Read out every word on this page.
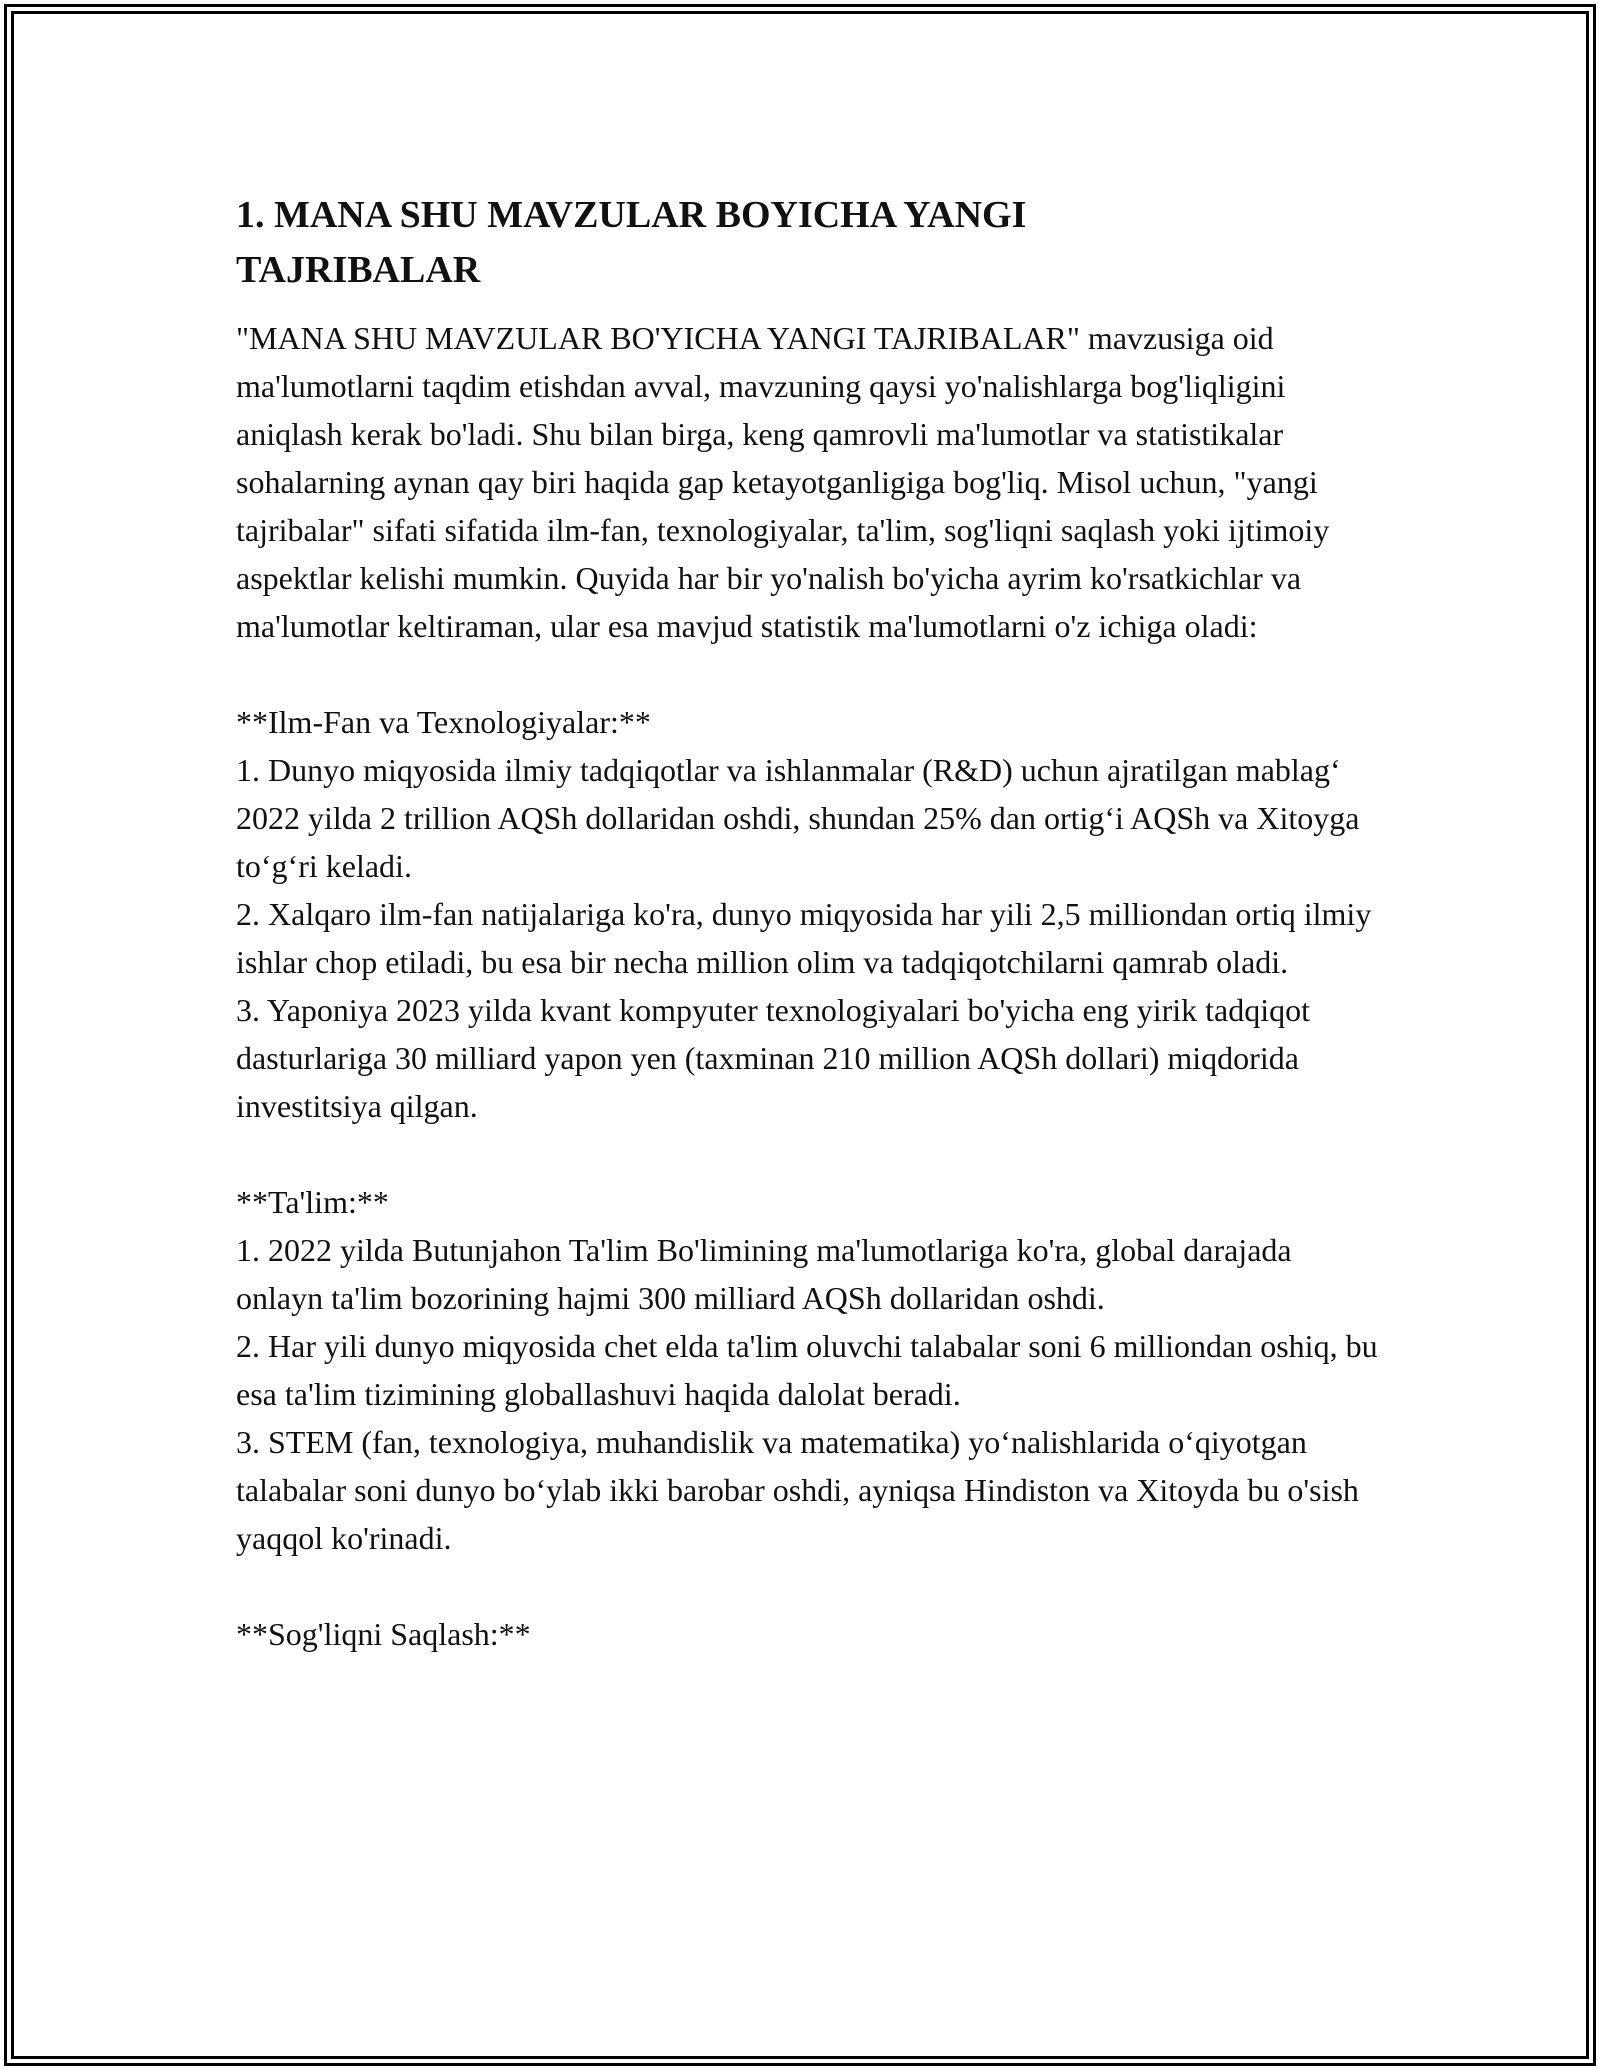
1. MANA SHU MAVZULAR BOYICHA YANGI TAJRIBALAR

"MANA SHU MAVZULAR BO'YICHA YANGI TAJRIBALAR" mavzusiga oid ma'lumotlarni taqdim etishdan avval, mavzuning qaysi yo'nalishlarga bog'liqligini aniqlash kerak bo'ladi. Shu bilan birga, keng qamrovli ma'lumotlar va statistikalar sohalarning aynan qay biri haqida gap ketayotganligiga bog'liq. Misol uchun, "yangi tajribalar" sifati sifatida ilm-fan, texnologiyalar, ta'lim, sog'liqni saqlash yoki ijtimoiy aspektlar kelishi mumkin. Quyida har bir yo'nalish bo'yicha ayrim ko'rsatkichlar va ma'lumotlar keltiraman, ular esa mavjud statistik ma'lumotlarni o'z ichiga oladi:

**Ilm-Fan va Texnologiyalar:**
1. Dunyo miqyosida ilmiy tadqiqotlar va ishlanmalar (R&D) uchun ajratilgan mablag‘ 2022 yilda 2 trillion AQSh dollaridan oshdi, shundan 25% dan ortig‘i AQSh va Xitoyga to‘g‘ri keladi.
2. Xalqaro ilm-fan natijalariga ko'ra, dunyo miqyosida har yili 2,5 milliondan ortiq ilmiy ishlar chop etiladi, bu esa bir necha million olim va tadqiqotchilarni qamrab oladi.
3. Yaponiya 2023 yilda kvant kompyuter texnologiyalari bo'yicha eng yirik tadqiqot dasturlariga 30 milliard yapon yen (taxminan 210 million AQSh dollari) miqdorida investitsiya qilgan.
**Ta'lim:**
1. 2022 yilda Butunjahon Ta'lim Bo'limining ma'lumotlariga ko'ra, global darajada onlayn ta'lim bozorining hajmi 300 milliard AQSh dollaridan oshdi.
2. Har yili dunyo miqyosida chet elda ta'lim oluvchi talabalar soni 6 milliondan oshiq, bu esa ta'lim tizimining globallashuvi haqida dalolat beradi.
3. STEM (fan, texnologiya, muhandislik va matematika) yo‘nalishlarida o‘qiyotgan talabalar soni dunyo bo‘ylab ikki barobar oshdi, ayniqsa Hindiston va Xitoyda bu o'sish yaqqol ko'rinadi.
**Sog'liqni Saqlash:**
